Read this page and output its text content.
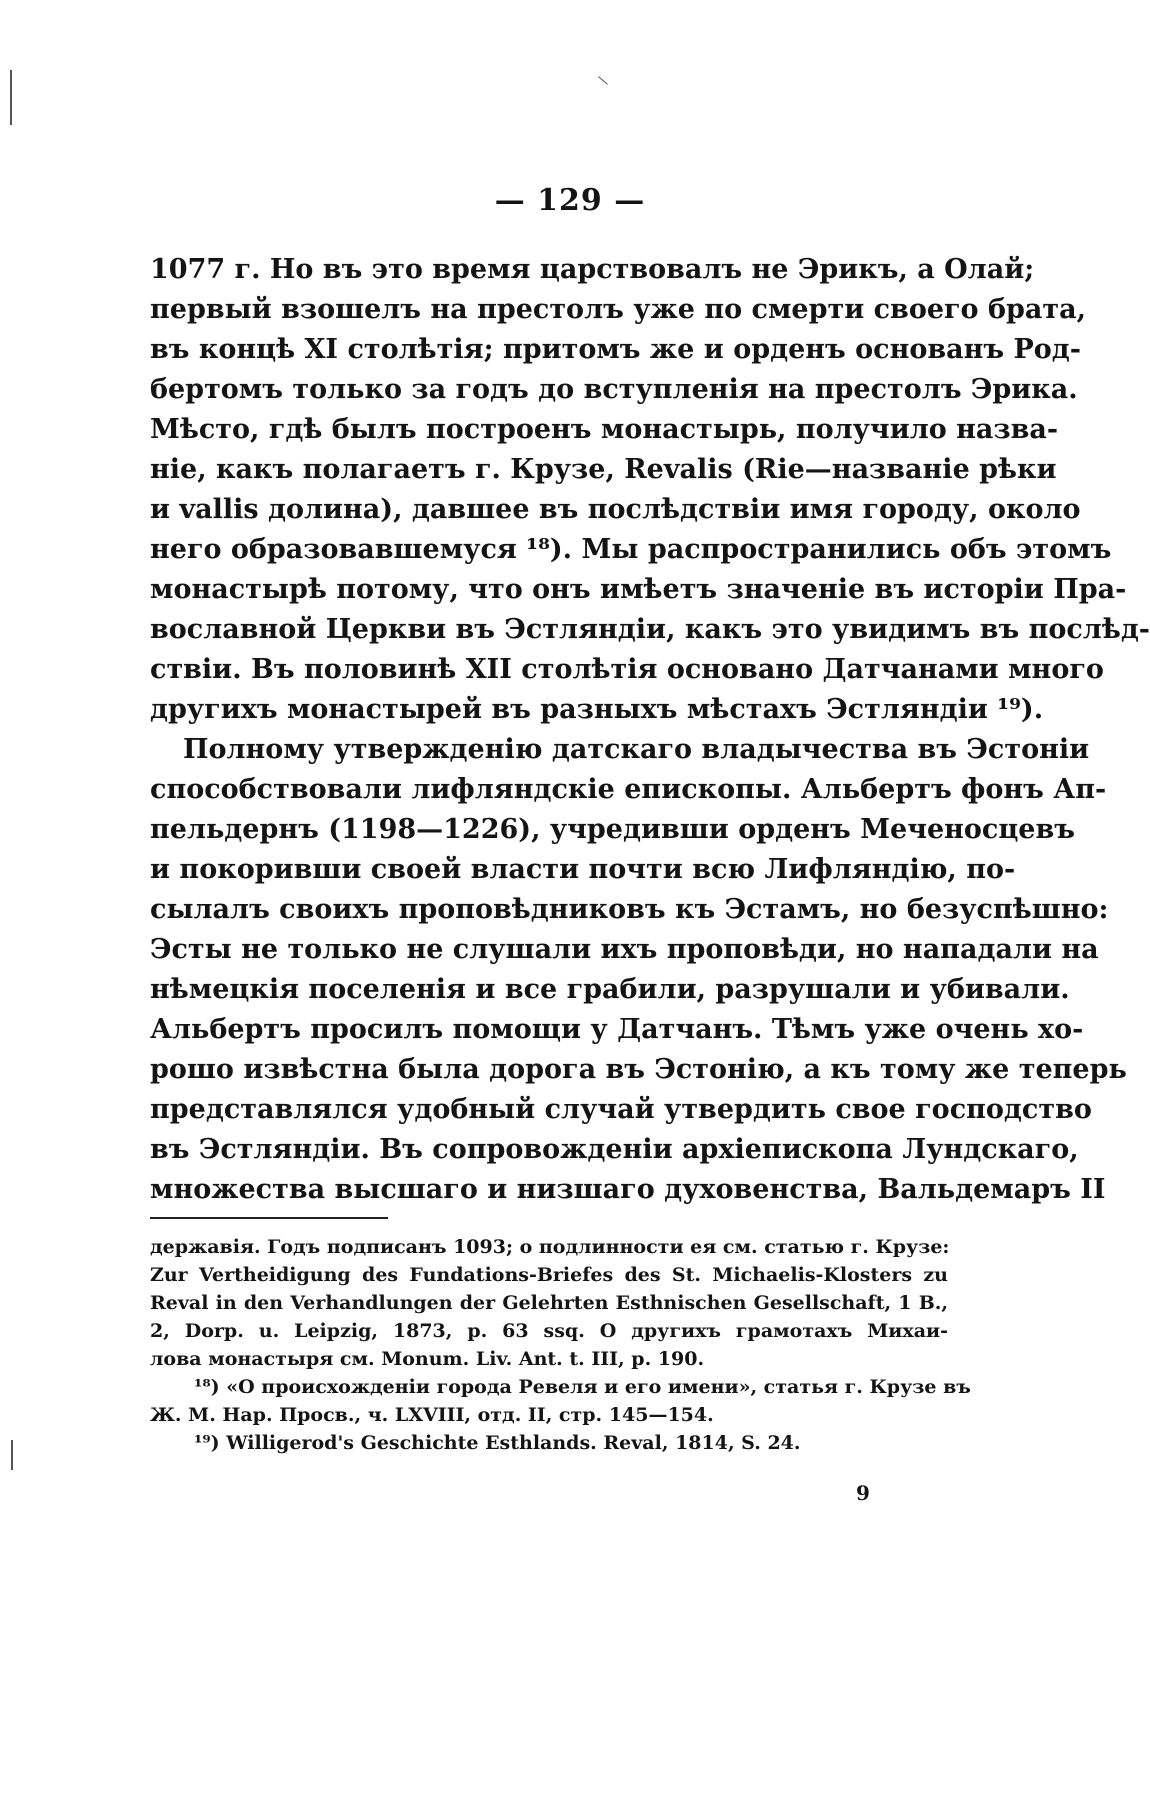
— 129 —
1077 г. Но въ это время царствовалъ не Эрикъ, а Олай;
первый взошелъ на престолъ уже по смерти своего брата,
въ концѣ XI столѣтія; притомъ же и орденъ основанъ Род-
бертомъ только за годъ до вступленія на престолъ Эрика.
Мѣсто, гдѣ былъ построенъ монастырь, получило назва-
ніе, какъ полагаетъ г. Крузе, Revalis (Rie—названіе рѣки
и vallis долина), давшее въ послѣдствіи имя городу, около
него образовавшемуся ¹⁸). Мы распространились объ этомъ
монастырѣ потому, что онъ имѣетъ значеніе въ исторіи Пра-
вославной Церкви въ Эстляндіи, какъ это увидимъ въ послѣд-
ствіи. Въ половинѣ XII столѣтія основано Датчанами много
другихъ монастырей въ разныхъ мѣстахъ Эстляндіи ¹⁹).
Полному утвержденію датскаго владычества въ Эстоніи
способствовали лифляндскіе епископы. Альбертъ фонъ Ап-
пельдернъ (1198—1226), учредивши орденъ Меченосцевъ
и покоривши своей власти почти всю Лифляндію, по-
сылалъ своихъ проповѣдниковъ къ Эстамъ, но безуспѣшно:
Эсты не только не слушали ихъ проповѣди, но нападали на
нѣмецкія поселенія и все грабили, разрушали и убивали.
Альбертъ просилъ помощи у Датчанъ. Тѣмъ уже очень хо-
рошо извѣстна была дорога въ Эстонію, а къ тому же теперь
представлялся удобный случай утвердить свое господство
въ Эстляндіи. Въ сопровожденіи архіепископа Лундскаго,
множества высшаго и низшаго духовенства, Вальдемаръ II
державія. Годъ подписанъ 1093; о подлинности ея см. статью г. Крузе:
Zur Vertheidigung des Fundations-Briefes des St. Michaelis-Klosters zu
Reval in den Verhandlungen der Gelehrten Esthnischen Gesellschaft, 1 B.,
2, Dorp. u. Leipzig, 1873, p. 63 ssq. О другихъ грамотахъ Михаи-
лова монастыря см. Monum. Liv. Ant. t. III, p. 190.
¹⁸) «О происхожденіи города Ревеля и его имени», статья г. Крузе въ
Ж. М. Нар. Просв., ч. LXVIII, отд. II, стр. 145—154.
¹⁹) Willigerod's Geschichte Esthlands. Reval, 1814, S. 24.
9
